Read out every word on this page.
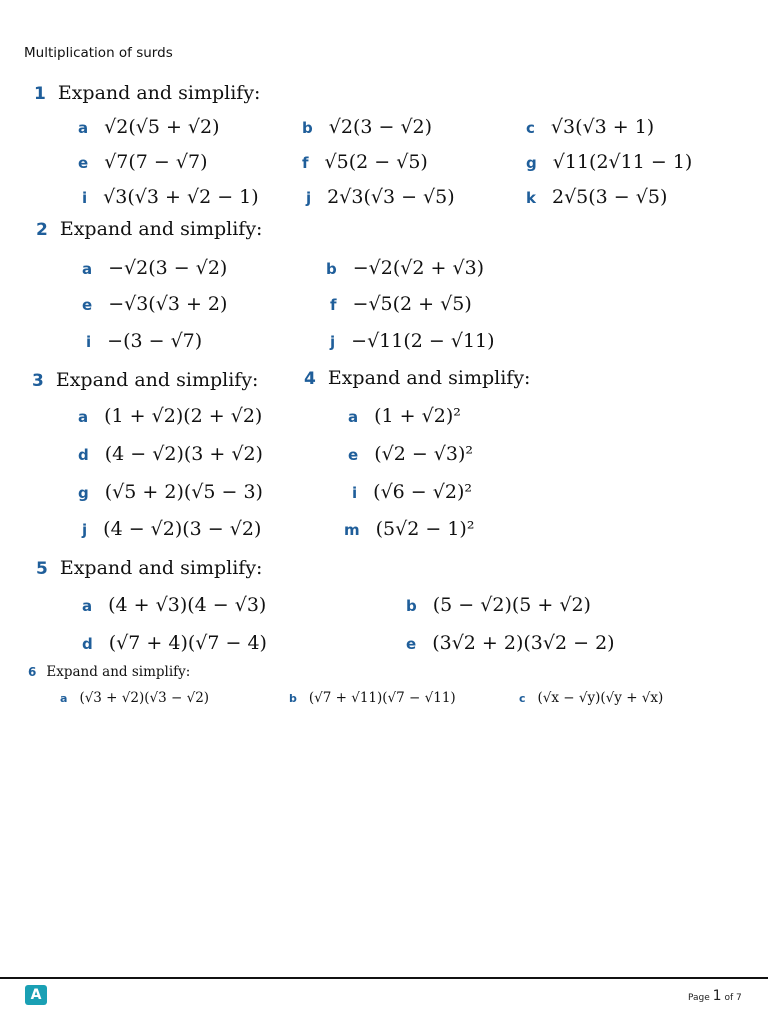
Multiplication of surds
1 Expand and simplify:
a √2(√5 + √2)	b √2(3 − √2)	c √3(√3 + 1)
e √7(7 − √7)	f √5(2 − √5)	g √11(2√11 − 1)
i √3(√3 + √2 − 1)	j 2√3(√3 − √5)	k 2√5(3 − √5)
2 Expand and simplify:
a −√2(3 − √2)	b −√2(√2 + √3)
e −√3(√3 + 2)	f −√5(2 + √5)
i −(3 − √7)	j −√11(2 − √11)
3 Expand and simplify:
a (1 + √2)(2 + √2)
d (4 − √2)(3 + √2)
g (√5 + 2)(√5 − 3)
j (4 − √2)(3 − √2)
4 Expand and simplify:
a (1 + √2)²
e (√2 − √3)²
i (√6 − √2)²
m (5√2 − 1)²
5 Expand and simplify:
a (4 + √3)(4 − √3)	b (5 − √2)(5 + √2)
d (√7 + 4)(√7 − 4)	e (3√2 + 2)(3√2 − 2)
6 Expand and simplify:
a (√3 + √2)(√3 − √2)	b (√7 + √11)(√7 − √11)	c (√x − √y)(√y + √x)
A	Page 1 of 7
